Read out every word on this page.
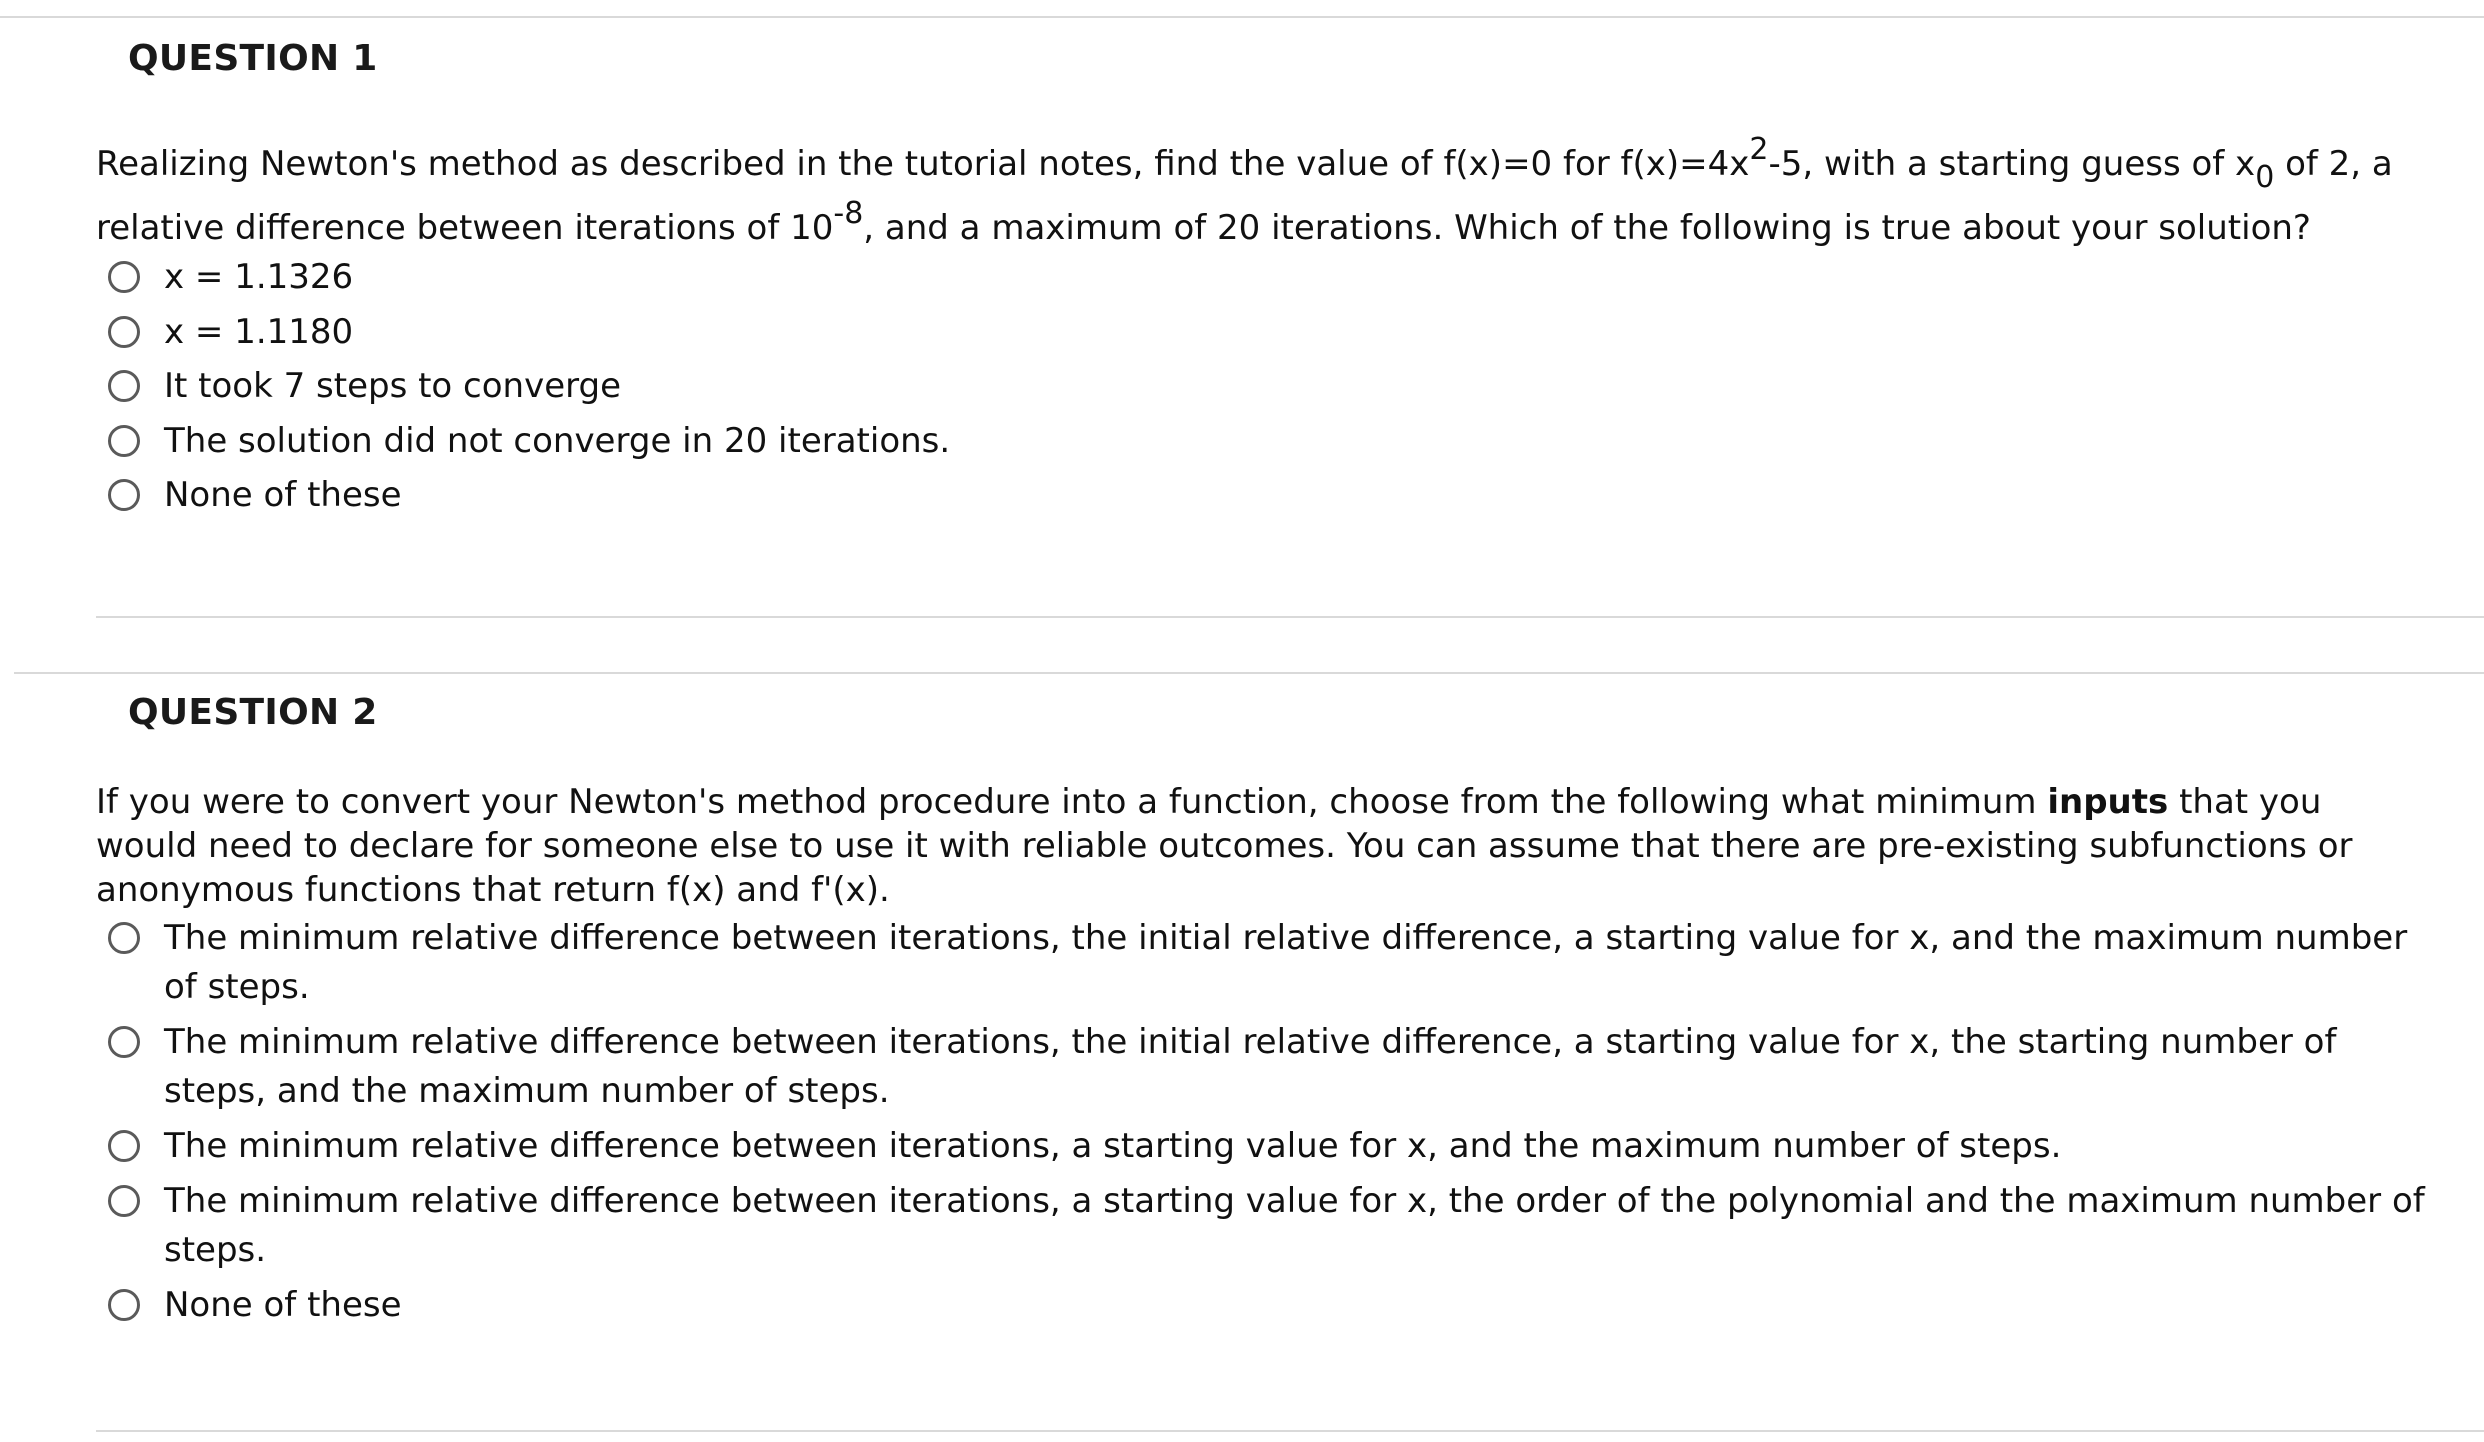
QUESTION 1

Realizing Newton's method as described in the tutorial notes, find the value of f(x)=0 for $f(x)=4x^2-5$, with a starting guess of $x_0$ of 2, a relative difference between iterations of $10^{-8}$, and a maximum of 20 iterations. Which of the following is true about your solution?

x = 1.1326
x = 1.1180
It took 7 steps to converge
The solution did not converge in 20 iterations.
None of these
QUESTION 2

If you were to convert your Newton's method procedure into a function, choose from the following what minimum inputs that you would need to declare for someone else to use it with reliable outcomes. You can assume that there are pre-existing subfunctions or anonymous functions that return f(x) and f'(x).

The minimum relative difference between iterations, the initial relative difference, a starting value for x, and the maximum number of steps.
The minimum relative difference between iterations, the initial relative difference, a starting value for x, the starting number of steps, and the maximum number of steps.
The minimum relative difference between iterations, a starting value for x, and the maximum number of steps.
The minimum relative difference between iterations, a starting value for x, the order of the polynomial and the maximum number of steps.
None of these
